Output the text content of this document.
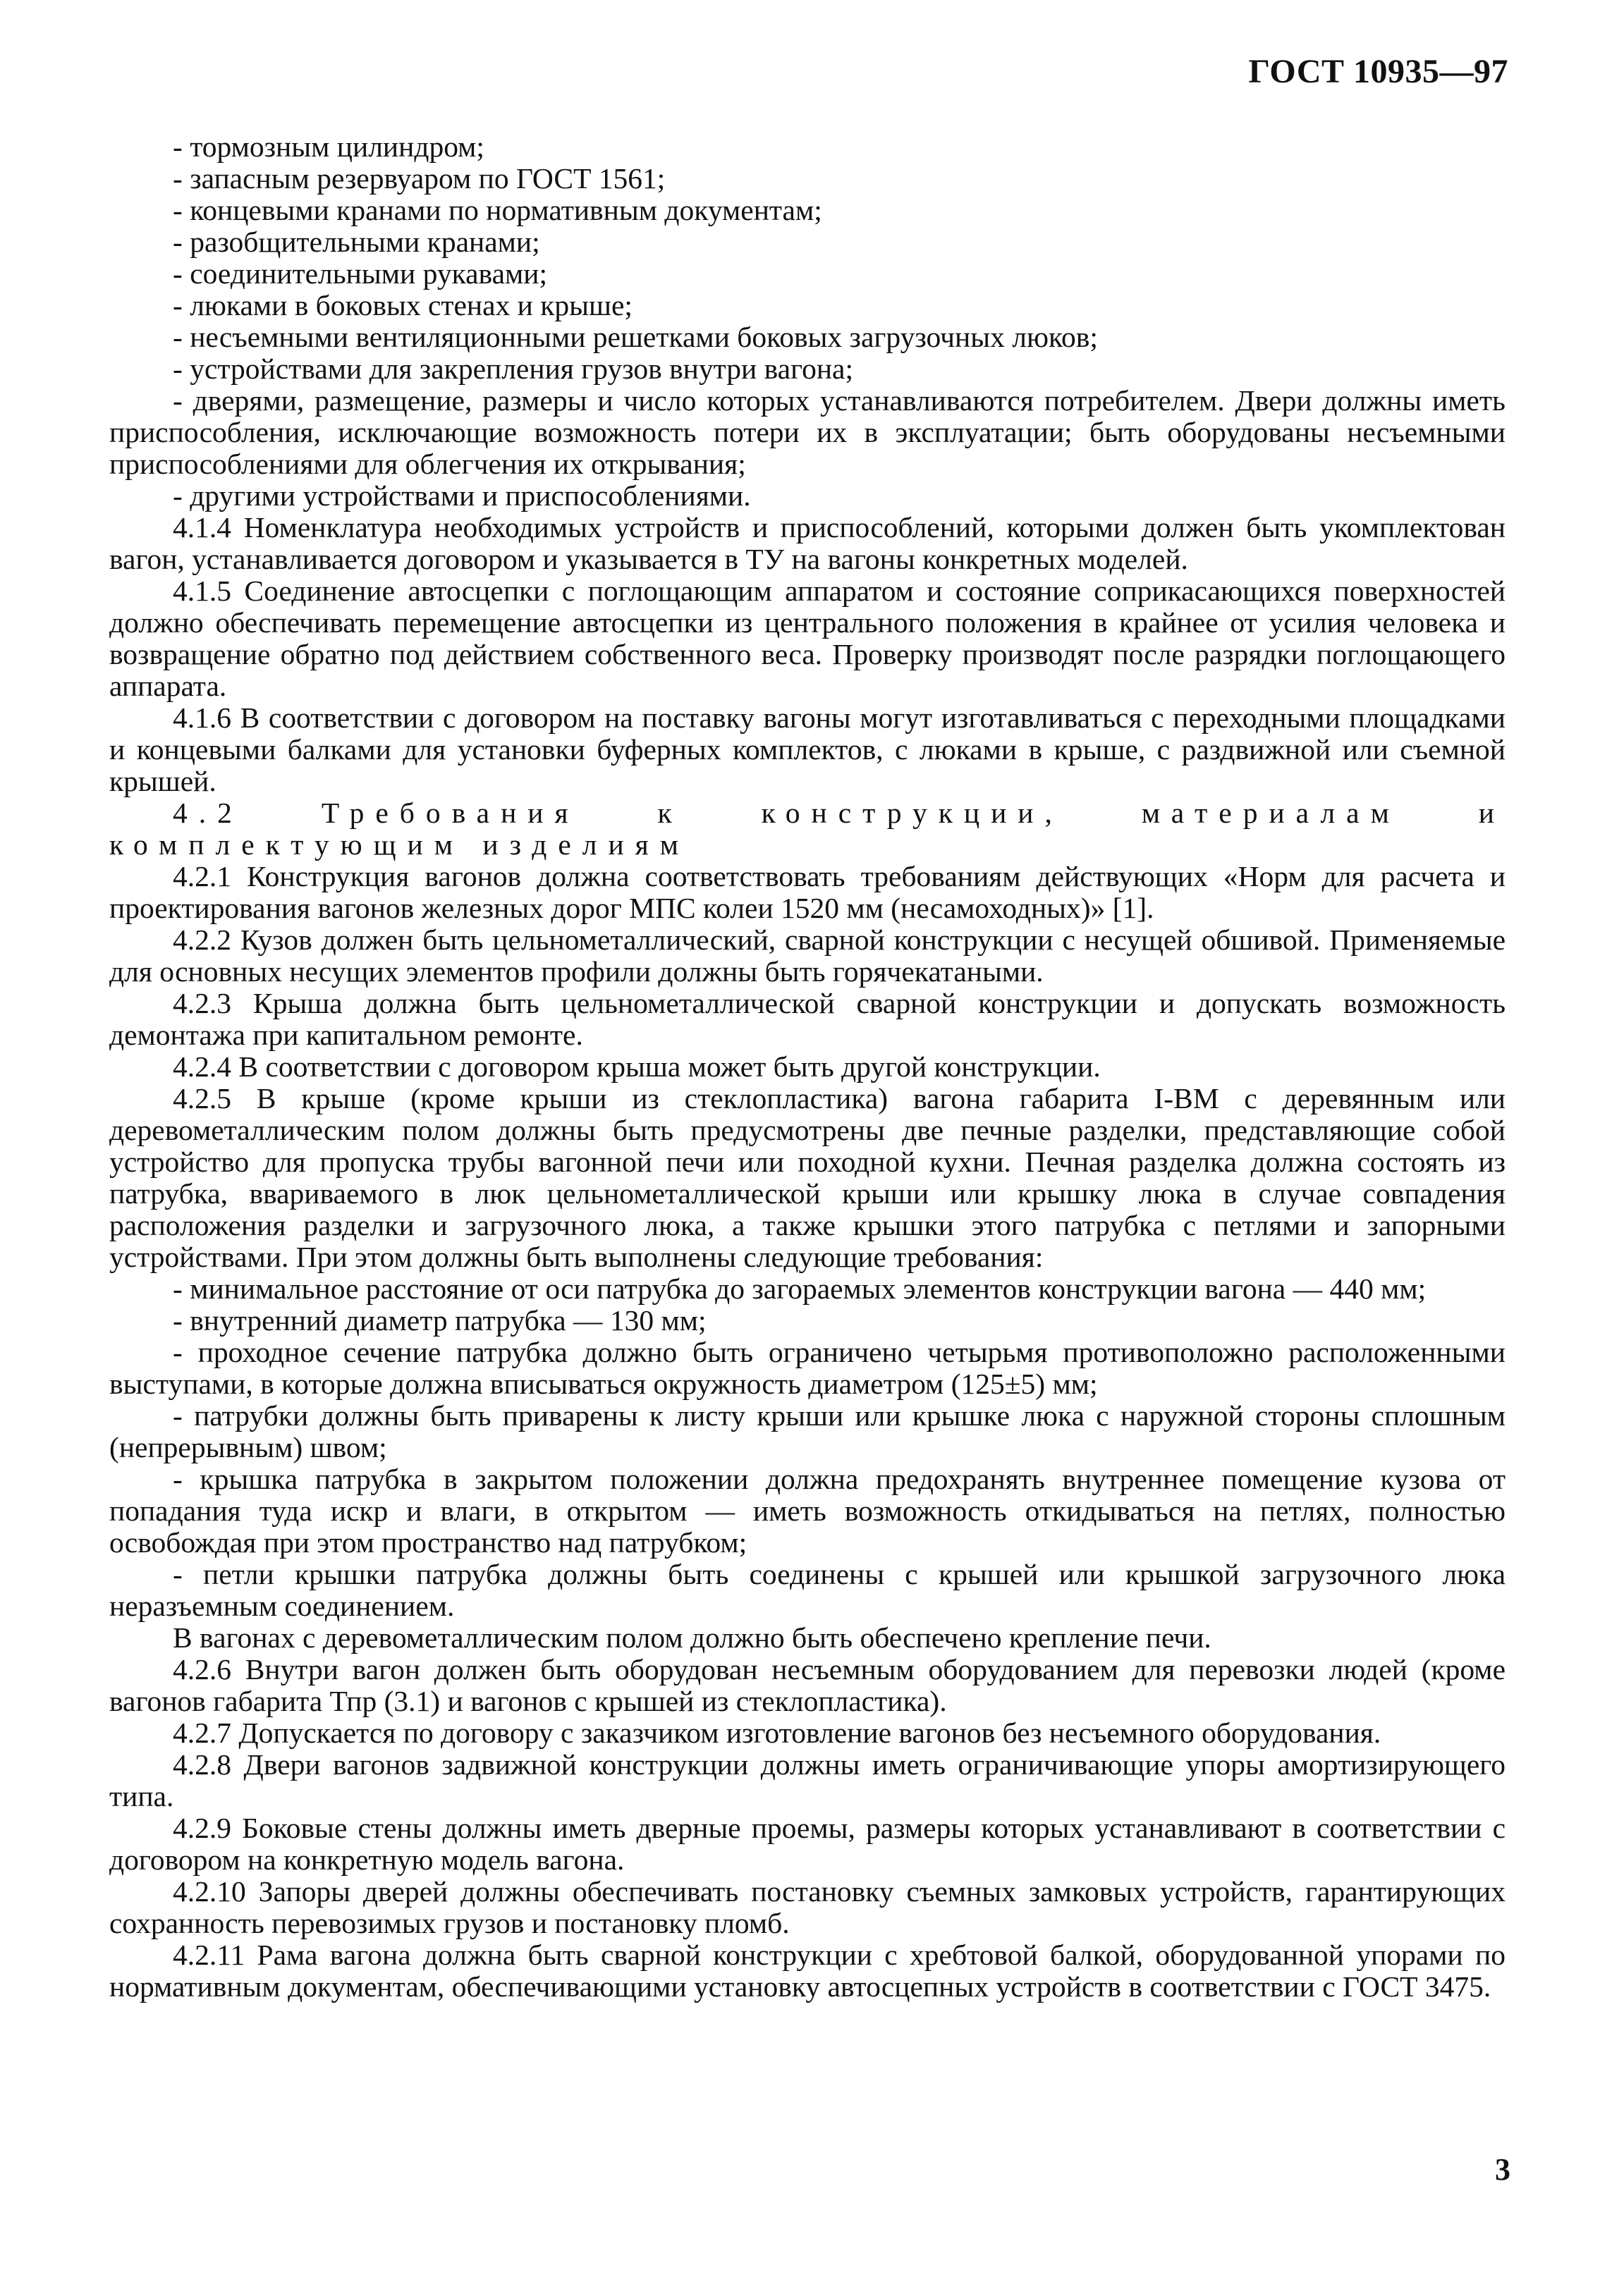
ГОСТ 10935—97

- тормозным цилиндром;

- запасным резервуаром по ГОСТ 1561;

- концевыми кранами по нормативным документам;

- разобщительными кранами;

- соединительными рукавами;

- люками в боковых стенах и крыше;

- несъемными вентиляционными решетками боковых загрузочных люков;

- устройствами для закрепления грузов внутри вагона;

- дверями, размещение, размеры и число которых устанавливаются потребителем. Двери должны иметь приспособления, исключающие возможность потери их в эксплуатации; быть оборудованы несъемными приспособлениями для облегчения их открывания;

- другими устройствами и приспособлениями.

4.1.4 Номенклатура необходимых устройств и приспособлений, которыми должен быть укомплектован вагон, устанавливается договором и указывается в ТУ на вагоны конкретных моделей.

4.1.5 Соединение автосцепки с поглощающим аппаратом и состояние соприкасающихся поверхностей должно обеспечивать перемещение автосцепки из центрального положения в крайнее от усилия человека и возвращение обратно под действием собственного веса. Проверку производят после разрядки поглощающего аппарата.

4.1.6 В соответствии с договором на поставку вагоны могут изготавливаться с переходными площадками и концевыми балками для установки буферных комплектов, с люками в крыше, с раздвижной или съемной крышей.

4.2 Требования к конструкции, материалам и комплектующим изделиям

4.2.1 Конструкция вагонов должна соответствовать требованиям действующих «Норм для расчета и проектирования вагонов железных дорог МПС колеи 1520 мм (несамоходных)» [1].

4.2.2 Кузов должен быть цельнометаллический, сварной конструкции с несущей обшивой. Применяемые для основных несущих элементов профили должны быть горячекатаными.

4.2.3 Крыша должна быть цельнометаллической сварной конструкции и допускать возможность демонтажа при капитальном ремонте.

4.2.4 В соответствии с договором крыша может быть другой конструкции.

4.2.5 В крыше (кроме крыши из стеклопластика) вагона габарита I-ВМ с деревянным или деревометаллическим полом должны быть предусмотрены две печные разделки, представляющие собой устройство для пропуска трубы вагонной печи или походной кухни. Печная разделка должна состоять из патрубка, ввариваемого в люк цельнометаллической крыши или крышку люка в случае совпадения расположения разделки и загрузочного люка, а также крышки этого патрубка с петлями и запорными устройствами. При этом должны быть выполнены следующие требования:

- минимальное расстояние от оси патрубка до загораемых элементов конструкции вагона — 440 мм;

- внутренний диаметр патрубка — 130 мм;

- проходное сечение патрубка должно быть ограничено четырьмя противоположно расположенными выступами, в которые должна вписываться окружность диаметром (125±5) мм;

- патрубки должны быть приварены к листу крыши или крышке люка с наружной стороны сплошным (непрерывным) швом;

- крышка патрубка в закрытом положении должна предохранять внутреннее помещение кузова от попадания туда искр и влаги, в открытом — иметь возможность откидываться на петлях, полностью освобождая при этом пространство над патрубком;

- петли крышки патрубка должны быть соединены с крышей или крышкой загрузочного люка неразъемным соединением.

В вагонах с деревометаллическим полом должно быть обеспечено крепление печи.

4.2.6 Внутри вагон должен быть оборудован несъемным оборудованием для перевозки людей (кроме вагонов габарита Тпр (3.1) и вагонов с крышей из стеклопластика).

4.2.7 Допускается по договору с заказчиком изготовление вагонов без несъемного оборудования.

4.2.8 Двери вагонов задвижной конструкции должны иметь ограничивающие упоры амортизирующего типа.

4.2.9 Боковые стены должны иметь дверные проемы, размеры которых устанавливают в соответствии с договором на конкретную модель вагона.

4.2.10 Запоры дверей должны обеспечивать постановку съемных замковых устройств, гарантирующих сохранность перевозимых грузов и постановку пломб.

4.2.11 Рама вагона должна быть сварной конструкции с хребтовой балкой, оборудованной упорами по нормативным документам, обеспечивающими установку автосцепных устройств в соответствии с ГОСТ 3475.

3
